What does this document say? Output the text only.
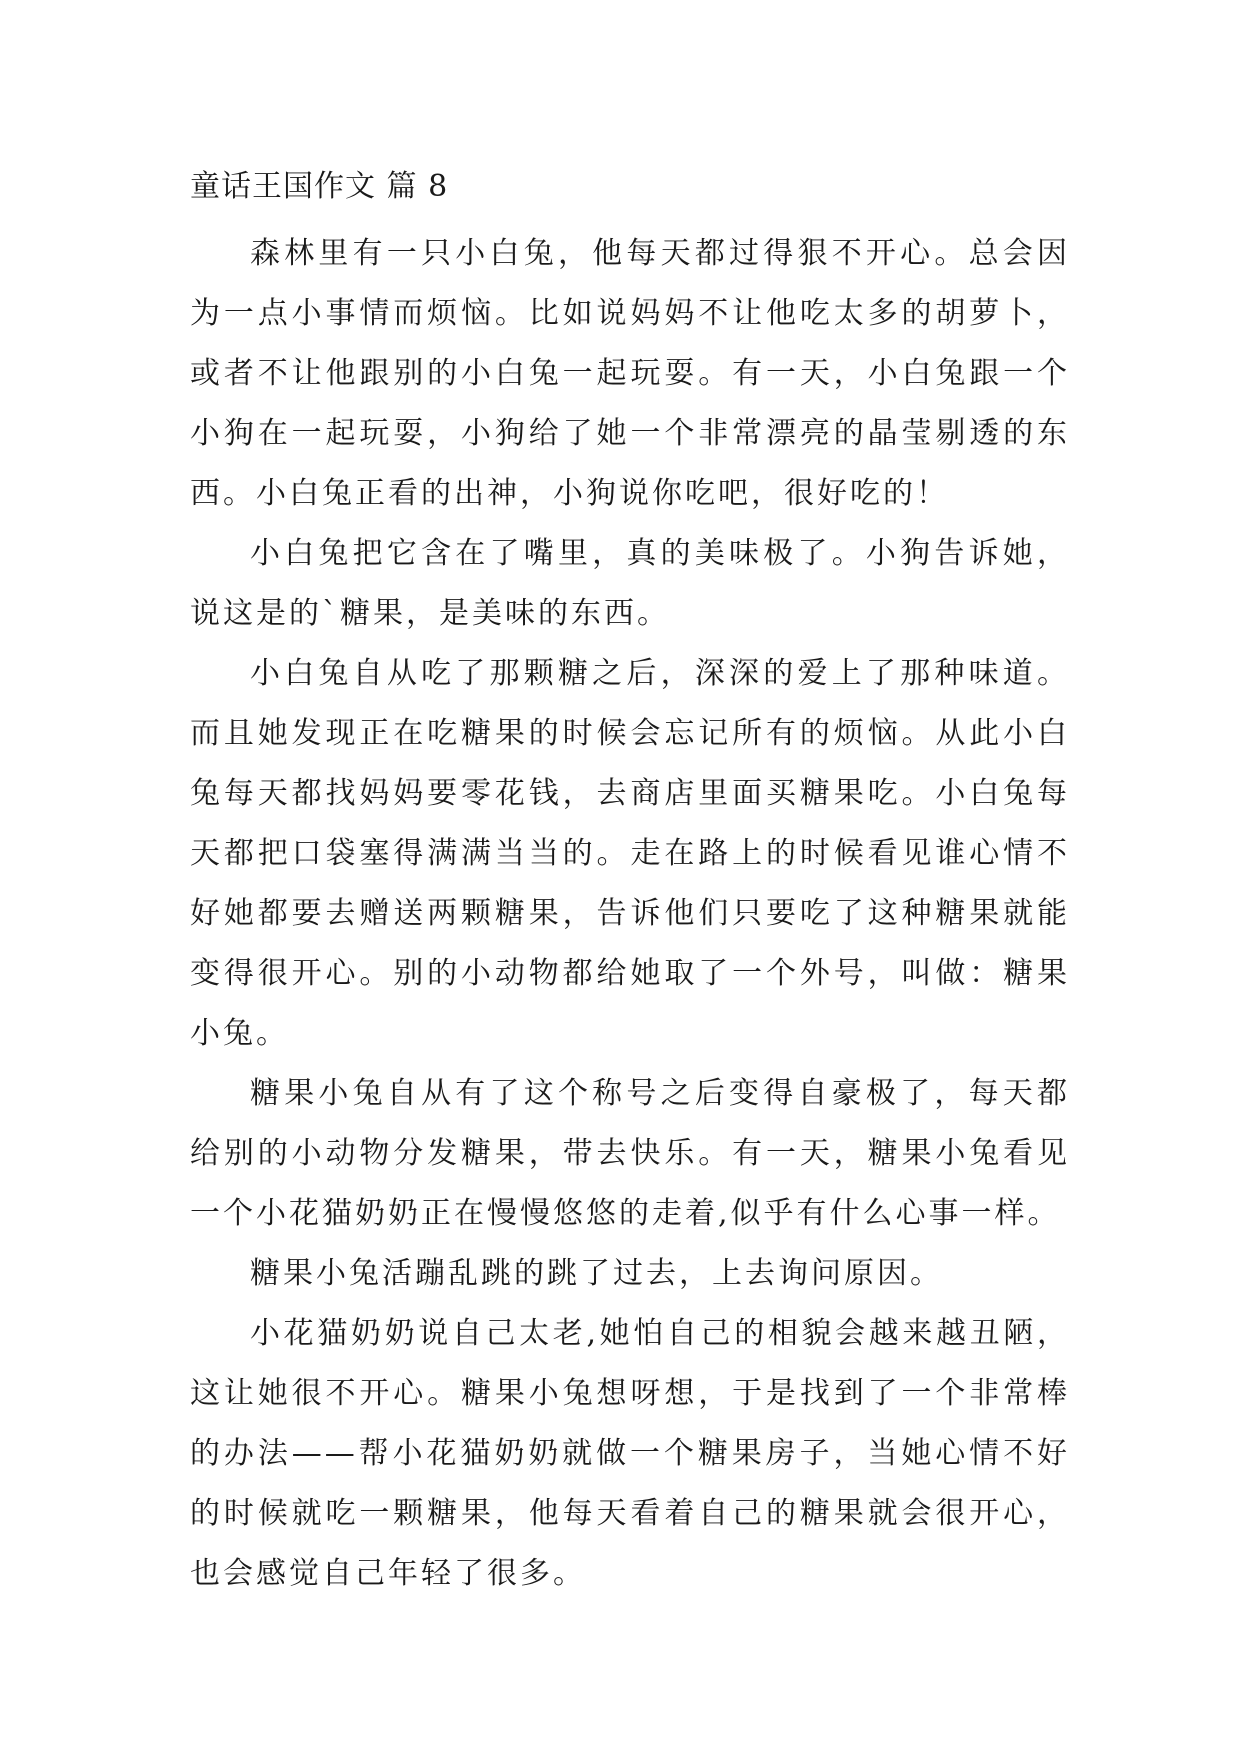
童话王国作文 篇 8

森林里有一只小白兔，他每天都过得狠不开心。总会因为一点小事情而烦恼。比如说妈妈不让他吃太多的胡萝卜，或者不让他跟别的小白兔一起玩耍。有一天，小白兔跟一个小狗在一起玩耍，小狗给了她一个非常漂亮的晶莹剔透的东西。小白兔正看的出神，小狗说你吃吧，很好吃的！

小白兔把它含在了嘴里，真的美味极了。小狗告诉她，说这是的`糖果，是美味的东西。

小白兔自从吃了那颗糖之后，深深的爱上了那种味道。而且她发现正在吃糖果的时候会忘记所有的烦恼。从此小白兔每天都找妈妈要零花钱，去商店里面买糖果吃。小白兔每天都把口袋塞得满满当当的。走在路上的时候看见谁心情不好她都要去赠送两颗糖果，告诉他们只要吃了这种糖果就能变得很开心。别的小动物都给她取了一个外号，叫做：糖果小兔。

糖果小兔自从有了这个称号之后变得自豪极了，每天都给别的小动物分发糖果，带去快乐。有一天，糖果小兔看见一个小花猫奶奶正在慢慢悠悠的走着,似乎有什么心事一样。

糖果小兔活蹦乱跳的跳了过去，上去询问原因。

小花猫奶奶说自己太老,她怕自己的相貌会越来越丑陋，这让她很不开心。糖果小兔想呀想，于是找到了一个非常棒的办法——帮小花猫奶奶就做一个糖果房子，当她心情不好的时候就吃一颗糖果，他每天看着自己的糖果就会很开心，也会感觉自己年轻了很多。
